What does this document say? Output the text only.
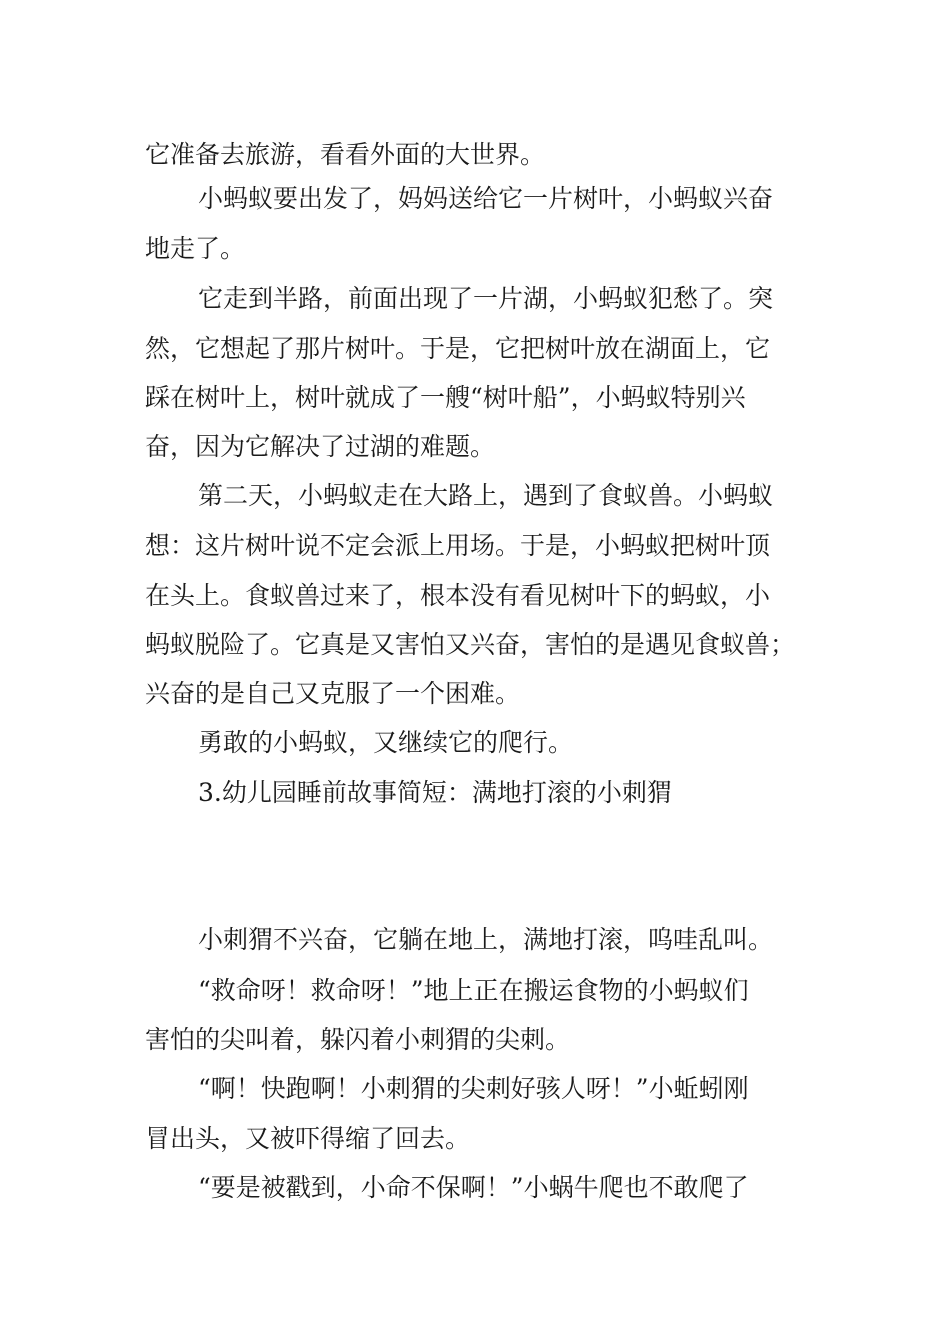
它准备去旅游，看看外面的大世界。
小蚂蚁要出发了，妈妈送给它一片树叶，小蚂蚁兴奋
地走了。
它走到半路，前面出现了一片湖，小蚂蚁犯愁了。突
然，它想起了那片树叶。于是，它把树叶放在湖面上，它
踩在树叶上，树叶就成了一艘“树叶船”，小蚂蚁特别兴
奋，因为它解决了过湖的难题。
第二天，小蚂蚁走在大路上，遇到了食蚁兽。小蚂蚁
想：这片树叶说不定会派上用场。于是，小蚂蚁把树叶顶
在头上。食蚁兽过来了，根本没有看见树叶下的蚂蚁，小
蚂蚁脱险了。它真是又害怕又兴奋，害怕的是遇见食蚁兽；
兴奋的是自己又克服了一个困难。
勇敢的小蚂蚁，又继续它的爬行。
3.幼儿园睡前故事简短：满地打滚的小刺猬
小刺猬不兴奋，它躺在地上，满地打滚，呜哇乱叫。
“救命呀！救命呀！”地上正在搬运食物的小蚂蚁们
害怕的尖叫着，躲闪着小刺猬的尖刺。
“啊！快跑啊！小刺猬的尖刺好骇人呀！”小蚯蚓刚
冒出头，又被吓得缩了回去。
“要是被戳到，小命不保啊！”小蜗牛爬也不敢爬了
